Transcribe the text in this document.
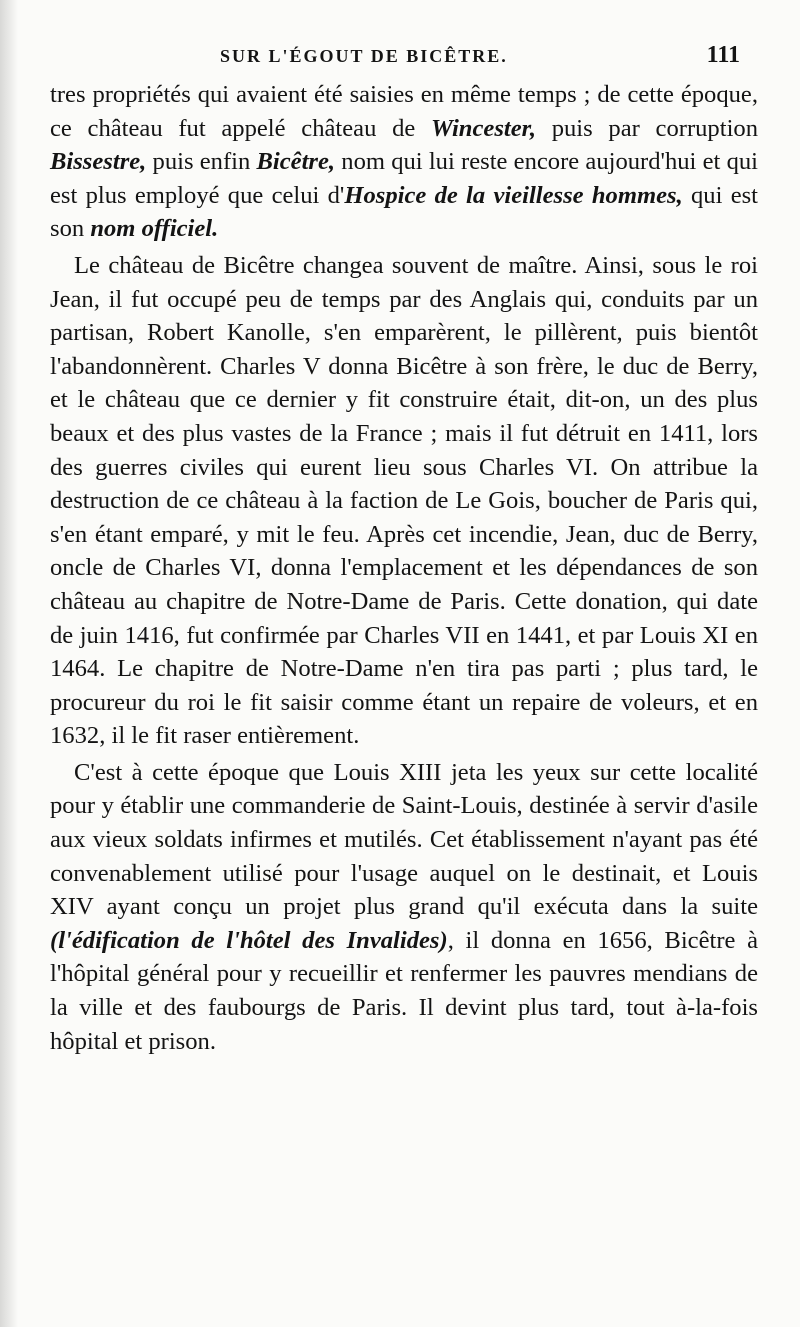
SUR L'ÉGOUT DE BICÊTRE.	111

tres propriétés qui avaient été saisies en même temps ; de cette époque, ce château fut appelé château de Wincester, puis par corruption Bissestre, puis enfin Bicêtre, nom qui lui reste encore aujourd'hui et qui est plus employé que celui d'Hospice de la vieillesse hommes, qui est son nom officiel.

Le château de Bicêtre changea souvent de maître. Ainsi, sous le roi Jean, il fut occupé peu de temps par des Anglais qui, conduits par un partisan, Robert Kanolle, s'en emparèrent, le pillèrent, puis bientôt l'abandonnèrent. Charles V donna Bicêtre à son frère, le duc de Berry, et le château que ce dernier y fit construire était, dit-on, un des plus beaux et des plus vastes de la France ; mais il fut détruit en 1411, lors des guerres civiles qui eurent lieu sous Charles VI. On attribue la destruction de ce château à la faction de Le Gois, boucher de Paris qui, s'en étant emparé, y mit le feu. Après cet incendie, Jean, duc de Berry, oncle de Charles VI, donna l'emplacement et les dépendances de son château au chapitre de Notre-Dame de Paris. Cette donation, qui date de juin 1416, fut confirmée par Charles VII en 1441, et par Louis XI en 1464. Le chapitre de Notre-Dame n'en tira pas parti ; plus tard, le procureur du roi le fit saisir comme étant un repaire de voleurs, et en 1632, il le fit raser entièrement.

C'est à cette époque que Louis XIII jeta les yeux sur cette localité pour y établir une commanderie de Saint-Louis, destinée à servir d'asile aux vieux soldats infirmes et mutilés. Cet établissement n'ayant pas été convenablement utilisé pour l'usage auquel on le destinait, et Louis XIV ayant conçu un projet plus grand qu'il exécuta dans la suite (l'édification de l'hôtel des Invalides), il donna en 1656, Bicêtre à l'hôpital général pour y recueillir et renfermer les pauvres mendians de la ville et des faubourgs de Paris. Il devint plus tard, tout à-la-fois hôpital et prison.
